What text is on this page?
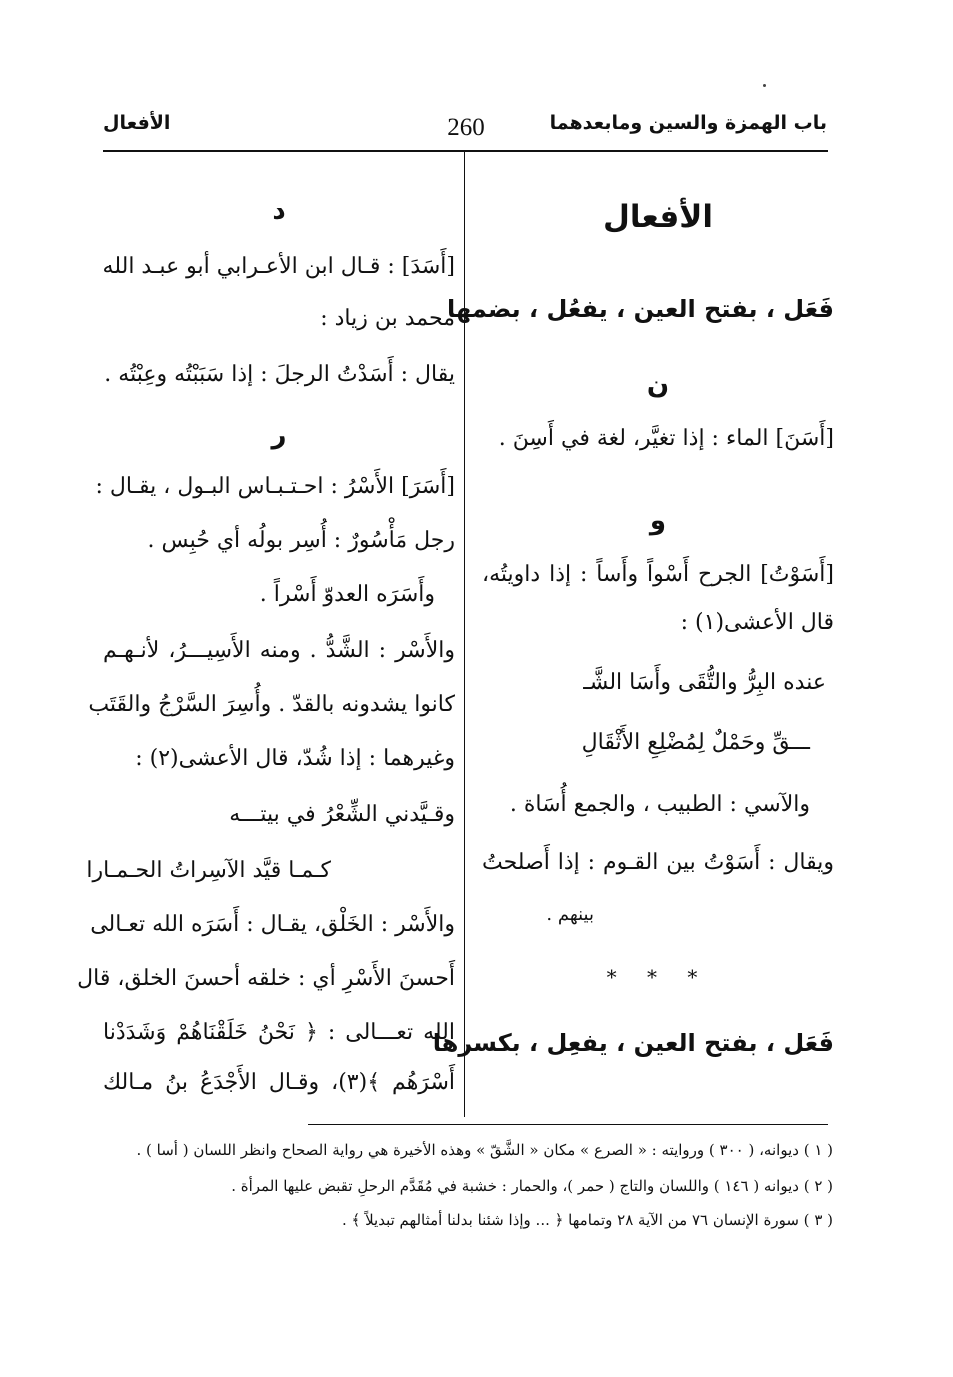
باب الهمزة والسين ومابعدهما
260
الأفعال
الأفعال
فَعَل ، بفتح العين ، يفعُل ، بضمها
ن
[أَسَنَ] الماء : إذا تغيَّر، لغة في أَسِنَ .
و
[أَسَوْتُ] الجرح أَسْواً وأَساً : إذا داويتُه،
قال الأعشى(١) :
عنده البِرُّ والتُّقَى وأَسَا الشَّـ
ـــقِّ وحَمْلٌ لِمُضْلِعِ الأَثْقَالِ
والآسي : الطبيب ، والجمع أُسَاة .
ويقال : أَسَوْتُ بين القـوم : إذا أَصلحتُ
بينهم .
* * *
فَعَل ، بفتح العين ، يفعِل ، بكسرها
د
[أَسَدَ] : قـال ابن الأعـرابي أبو عبـد الله
محمد بن زياد :
يقال : أَسَدْتُ الرجلَ : إذا سَبَبْتُه وعِبْتُه .
ر
[أَسَرَ] الأَسْرُ : احـتـبـاس البـول ، يقـال :
رجل مَأْسُورٌ : أُسِر بولُه أي حُبِس .
وأَسَرَه العدوّ أَسْراً .
والأَسْر : الشَّدُّ . ومنه الأَسِيـــرُ، لأنـهـم
كانوا يشدونه بالقدّ . وأُسِرَ السَّرْجُ والقَتَب
وغيرهما : إذا شُدّ، قال الأعشى(٢) :
وقـيَّدني الشِّعْرُ في بيتـــه
كـمـا قيَّد الآسِراتُ الحـمـارا
والأَسْر : الخَلْق، يقـال : أَسَرَه الله تعـالى
أَحسنَ الأَسْرِ أي : خلقه أحسنَ الخلق، قال
الله تعـــالى : ﴿ نَحْنُ خَلَقْنَاهُمْ وَشَدَدْنا
أَسْرَهُم ﴾(٣)، وقـال الأَجْدَعُ بنُ مـالك
( ١ ) ديوانه، ( ٣٠٠ ) وروايته : « الصرع » مكان « الشَّقّ » وهذه الأخيرة هي رواية الصحاح وانظر اللسان ( أسا ) .
( ٢ ) ديوانه ( ١٤٦ ) واللسان والتاج ( حمر )، والحمار : خشبة في مُقَدَّم الرحلِ تقبض عليها المرأة .
( ٣ ) سورة الإنسان ٧٦ من الآية ٢٨ وتمامها ﴿ ... وإذا شئنا بدلنا أمثالهم تبديلاً ﴾ .
